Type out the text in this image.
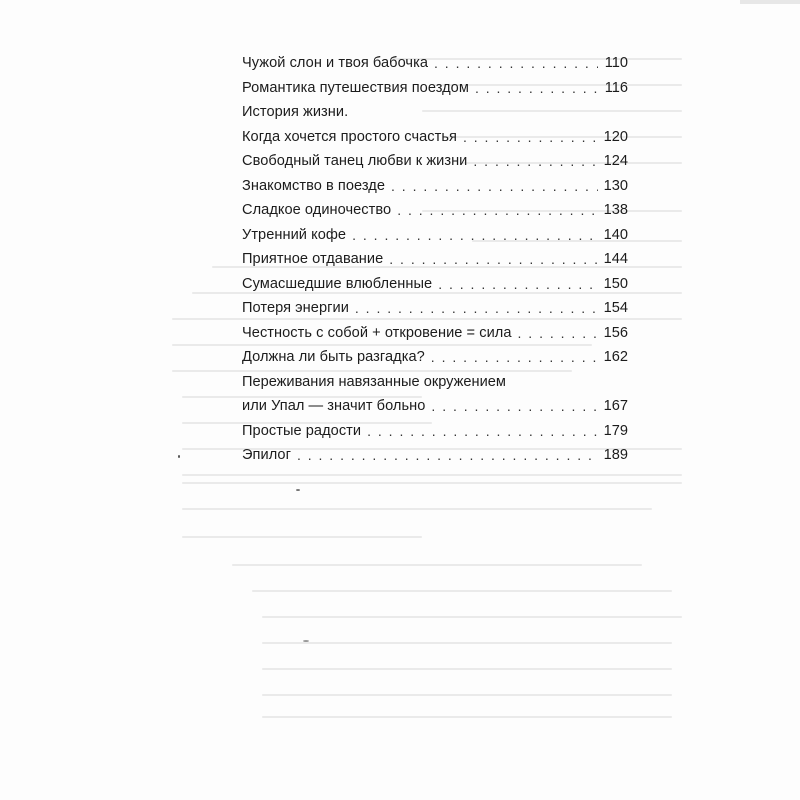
Чужой слон и твоя бабочка . . .	110
Романтика путешествия поездом . . .	116
История жизни.
Когда хочется простого счастья . . .	120
Свободный танец любви к жизни . . .	124
Знакомство в поезде . . .	130
Сладкое одиночество . . .	138
Утренний кофе . . .	140
Приятное отдавание . . .	144
Сумасшедшие влюбленные . . .	150
Потеря энергии . . .	154
Честность с собой + откровение = сила . . .	156
Должна ли быть разгадка? . . .	162
Переживания навязанные окружением
или Упал — значит больно . . .	167
Простые радости . . .	179
Эпилог . . .	189
